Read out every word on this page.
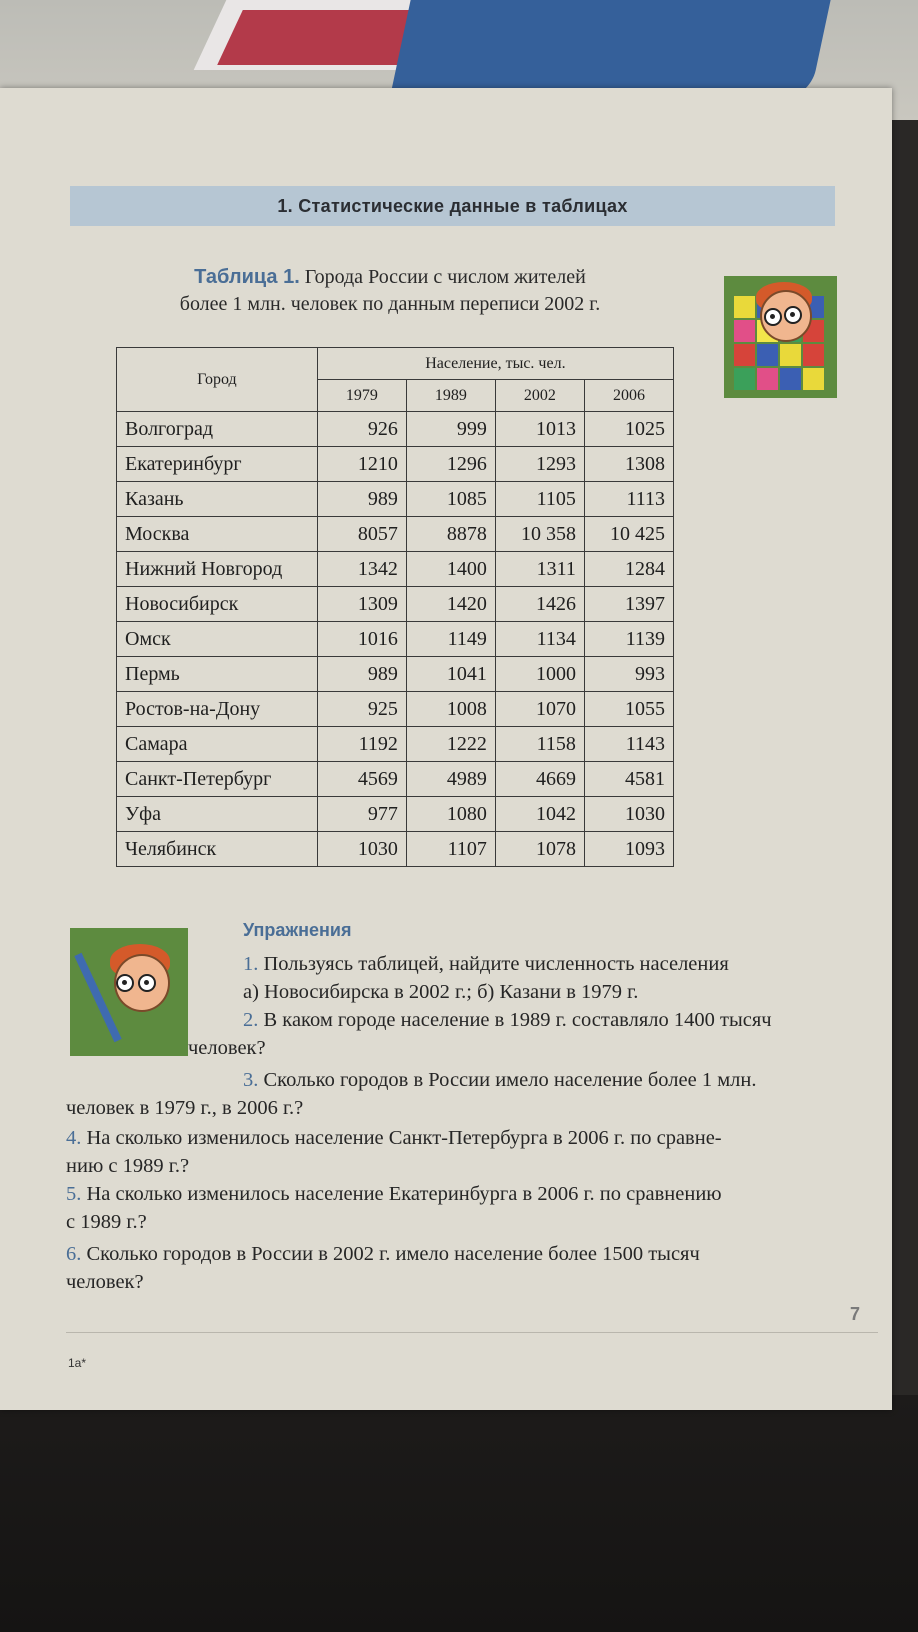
1. Статистические данные в таблицах
Таблица 1. Города России с числом жителей
более 1 млн. человек по данным переписи 2002 г.
Город	Население, тыс. чел.			
	1979	1989	2002	2006
Волгоград	926	999	1013	1025
Екатеринбург	1210	1296	1293	1308
Казань	989	1085	1105	1113
Москва	8057	8878	10 358	10 425
Нижний Новгород	1342	1400	1311	1284
Новосибирск	1309	1420	1426	1397
Омск	1016	1149	1134	1139
Пермь	989	1041	1000	993
Ростов-на-Дону	925	1008	1070	1055
Самара	1192	1222	1158	1143
Санкт-Петербург	4569	4989	4669	4581
Уфа	977	1080	1042	1030
Челябинск	1030	1107	1078	1093
Упражнения
1. Пользуясь таблицей, найдите численность населения
а) Новосибирска в 2002 г.; б) Казани в 1979 г.
2. В каком городе население в 1989 г. составляло 1400 тысяч
человек?
3. Сколько городов в России имело население более 1 млн.
человек в 1979 г., в 2006 г.?
4. На сколько изменилось население Санкт-Петербурга в 2006 г. по сравне-
нию с 1989 г.?
5. На сколько изменилось население Екатеринбурга в 2006 г. по сравнению
с 1989 г.?
6. Сколько городов в России в 2002 г. имело население более 1500 тысяч
человек?
7
1а*
